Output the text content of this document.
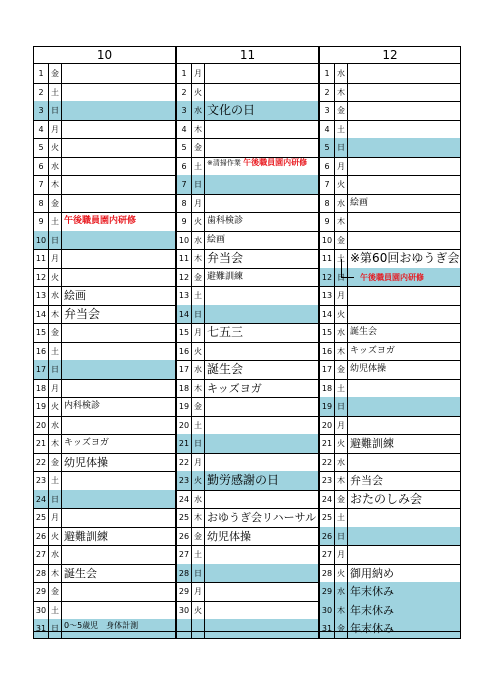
10
1 金
2 土
3 日
4 月
5 火
6 水
7 木
8 金
9 土 午後職員園内研修
10 日
11 月
12 火
13 水 絵画
14 木 弁当会
15 金
16 土
17 日
18 月
19 火 内科検診
20 水
21 木 キッズヨガ
22 金 幼児体操
23 土
24 日
25 月
26 火 避難訓練
27 水
28 木 誕生会
29 金
30 土
31 日
11
1 月
2 火
3 水 文化の日
4 木
5 金
6 土 ※清掃作業 午後職員園内研修
7 日
8 月
9 火 歯科検診
10 水 絵画
11 木 弁当会
12 金 避難訓練
13 土
14 日
15 月 七五三
16 火
17 水 誕生会
18 木 キッズヨガ
19 金
20 土
21 日
22 月
23 火 勤労感謝の日
24 水
25 木 おゆうぎ会リハーサル
26 金 幼児体操
27 土
28 日
29 月
30 火
12
1 水
2 木
3 金
4 土
5 日
6 月
7 火
8 水 絵画
9 木
10 金
11 土 ※第60回おゆうぎ会
12 日	午後職員園内研修
13 月
14 火
15 水 誕生会
16 木 キッズヨガ
17 金 幼児体操
18 土
19 日
20 月
21 火 避難訓練
22 水
23 木 弁当会
24 金 おたのしみ会
25 土
26 日
27 月
28 火 御用納め
29 水 年末休み
30 木 年末休み
31 金 年末休み
0～5歳児　身体計測
